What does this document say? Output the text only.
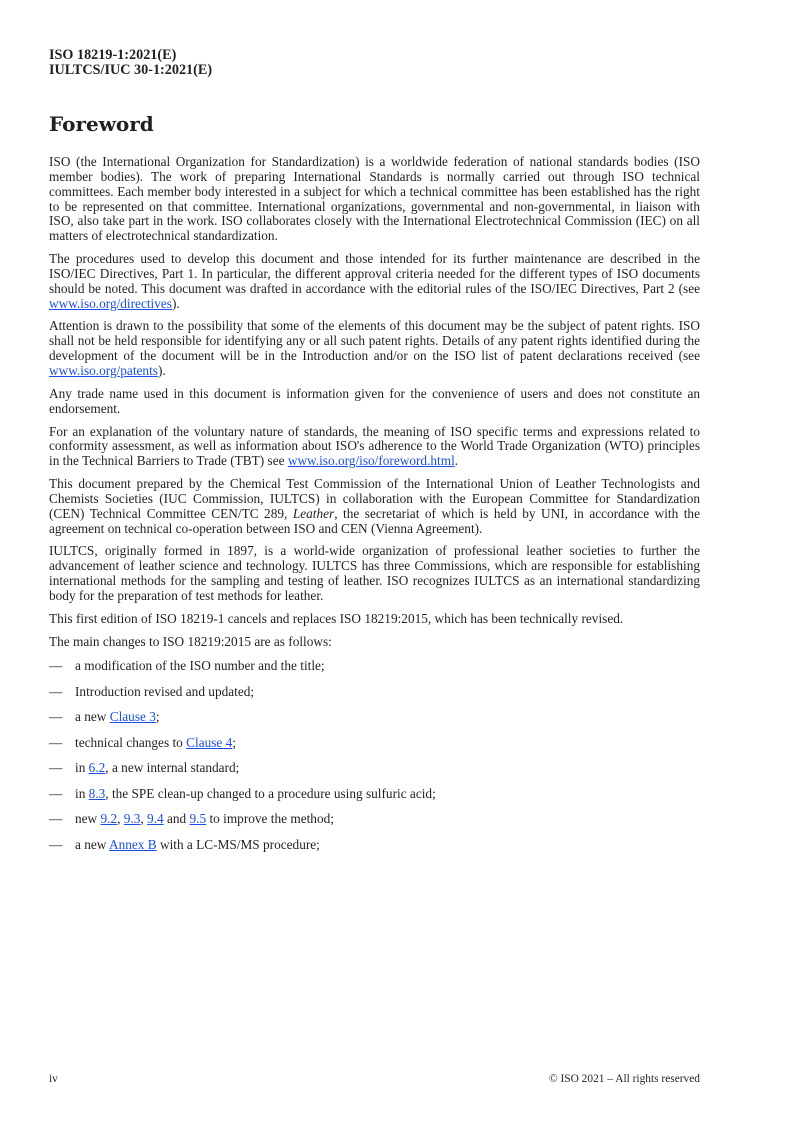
ISO 18219-1:2021(E)
IULTCS/IUC 30-1:2021(E)
Foreword

ISO (the International Organization for Standardization) is a worldwide federation of national standards bodies (ISO member bodies). The work of preparing International Standards is normally carried out through ISO technical committees. Each member body interested in a subject for which a technical committee has been established has the right to be represented on that committee. International organizations, governmental and non-governmental, in liaison with ISO, also take part in the work. ISO collaborates closely with the International Electrotechnical Commission (IEC) on all matters of electrotechnical standardization.

The procedures used to develop this document and those intended for its further maintenance are described in the ISO/IEC Directives, Part 1. In particular, the different approval criteria needed for the different types of ISO documents should be noted. This document was drafted in accordance with the editorial rules of the ISO/IEC Directives, Part 2 (see www.iso.org/directives).

Attention is drawn to the possibility that some of the elements of this document may be the subject of patent rights. ISO shall not be held responsible for identifying any or all such patent rights. Details of any patent rights identified during the development of the document will be in the Introduction and/or on the ISO list of patent declarations received (see www.iso.org/patents).

Any trade name used in this document is information given for the convenience of users and does not constitute an endorsement.

For an explanation of the voluntary nature of standards, the meaning of ISO specific terms and expressions related to conformity assessment, as well as information about ISO's adherence to the World Trade Organization (WTO) principles in the Technical Barriers to Trade (TBT) see www.iso.org/iso/foreword.html.

This document prepared by the Chemical Test Commission of the International Union of Leather Technologists and Chemists Societies (IUC Commission, IULTCS) in collaboration with the European Committee for Standardization (CEN) Technical Committee CEN/TC 289, Leather, the secretariat of which is held by UNI, in accordance with the agreement on technical co-operation between ISO and CEN (Vienna Agreement).

IULTCS, originally formed in 1897, is a world-wide organization of professional leather societies to further the advancement of leather science and technology. IULTCS has three Commissions, which are responsible for establishing international methods for the sampling and testing of leather. ISO recognizes IULTCS as an international standardizing body for the preparation of test methods for leather.

This first edition of ISO 18219-1 cancels and replaces ISO 18219:2015, which has been technically revised.

The main changes to ISO 18219:2015 are as follows:

— a modification of the ISO number and the title;
— Introduction revised and updated;
— a new Clause 3;
— technical changes to Clause 4;
— in 6.2, a new internal standard;
— in 8.3, the SPE clean-up changed to a procedure using sulfuric acid;
— new 9.2, 9.3, 9.4 and 9.5 to improve the method;
— a new Annex B with a LC-MS/MS procedure;
iv	© ISO 2021 – All rights reserved
